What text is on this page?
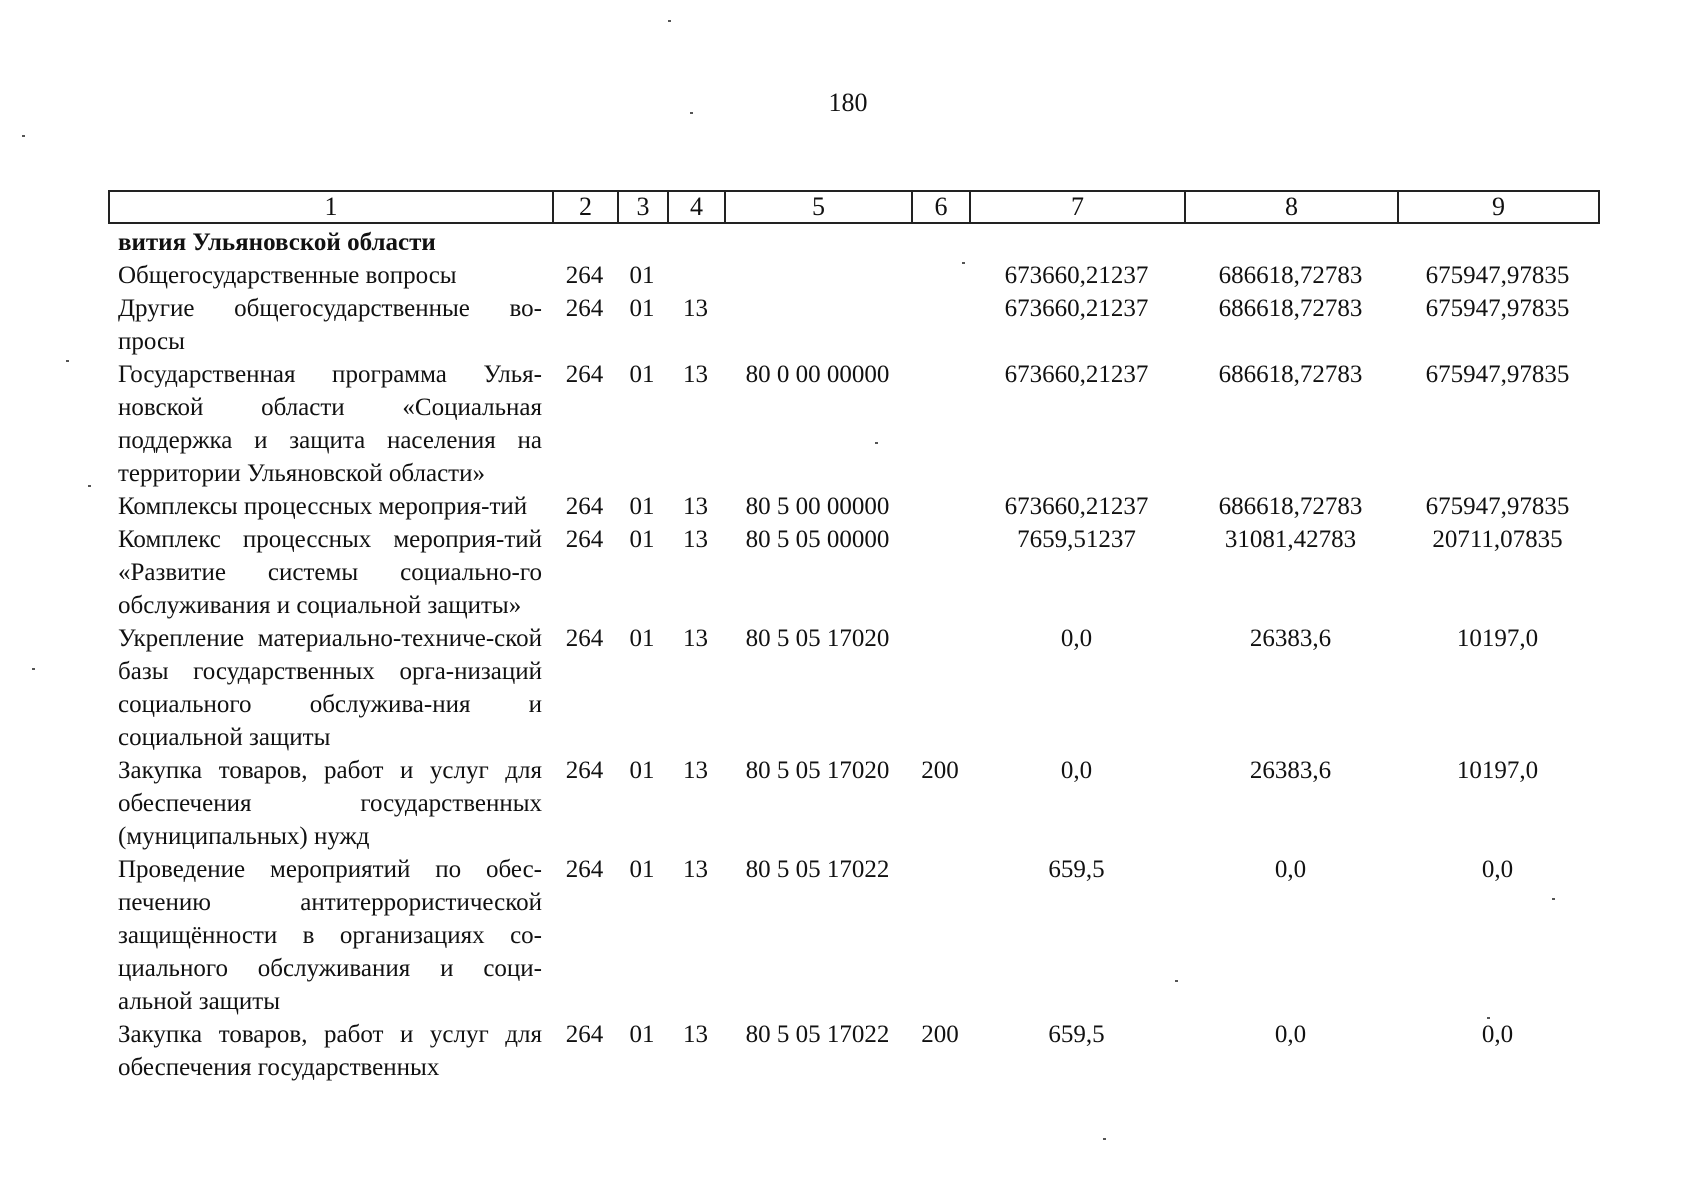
180
1	2	3	4	5	6	7	8	9
вития Ульяновской области								
Общегосударственные вопросы	264	01				673660,21237	686618,72783	675947,97835
Другие общегосударственные во-просы	264	01	13			673660,21237	686618,72783	675947,97835
Государственная программа Улья-новской области «Социальная поддержка и защита населения на территории Ульяновской области»	264	01	13	80 0 00 00000		673660,21237	686618,72783	675947,97835
Комплексы процессных мероприя-тий	264	01	13	80 5 00 00000		673660,21237	686618,72783	675947,97835
Комплекс процессных мероприя-тий «Развитие системы социально-го обслуживания и социальной защиты»	264	01	13	80 5 05 00000		7659,51237	31081,42783	20711,07835
Укрепление материально-техниче-ской базы государственных орга-низаций социального обслужива-ния и социальной защиты	264	01	13	80 5 05 17020		0,0	26383,6	10197,0
Закупка товаров, работ и услуг для обеспечения государственных (муниципальных) нужд	264	01	13	80 5 05 17020	200	0,0	26383,6	10197,0
Проведение мероприятий по обес-печению антитеррористической защищённости в организациях со-циального обслуживания и соци-альной защиты	264	01	13	80 5 05 17022		659,5	0,0	0,0
Закупка товаров, работ и услуг для обеспечения государственных	264	01	13	80 5 05 17022	200	659,5	0,0	0,0
